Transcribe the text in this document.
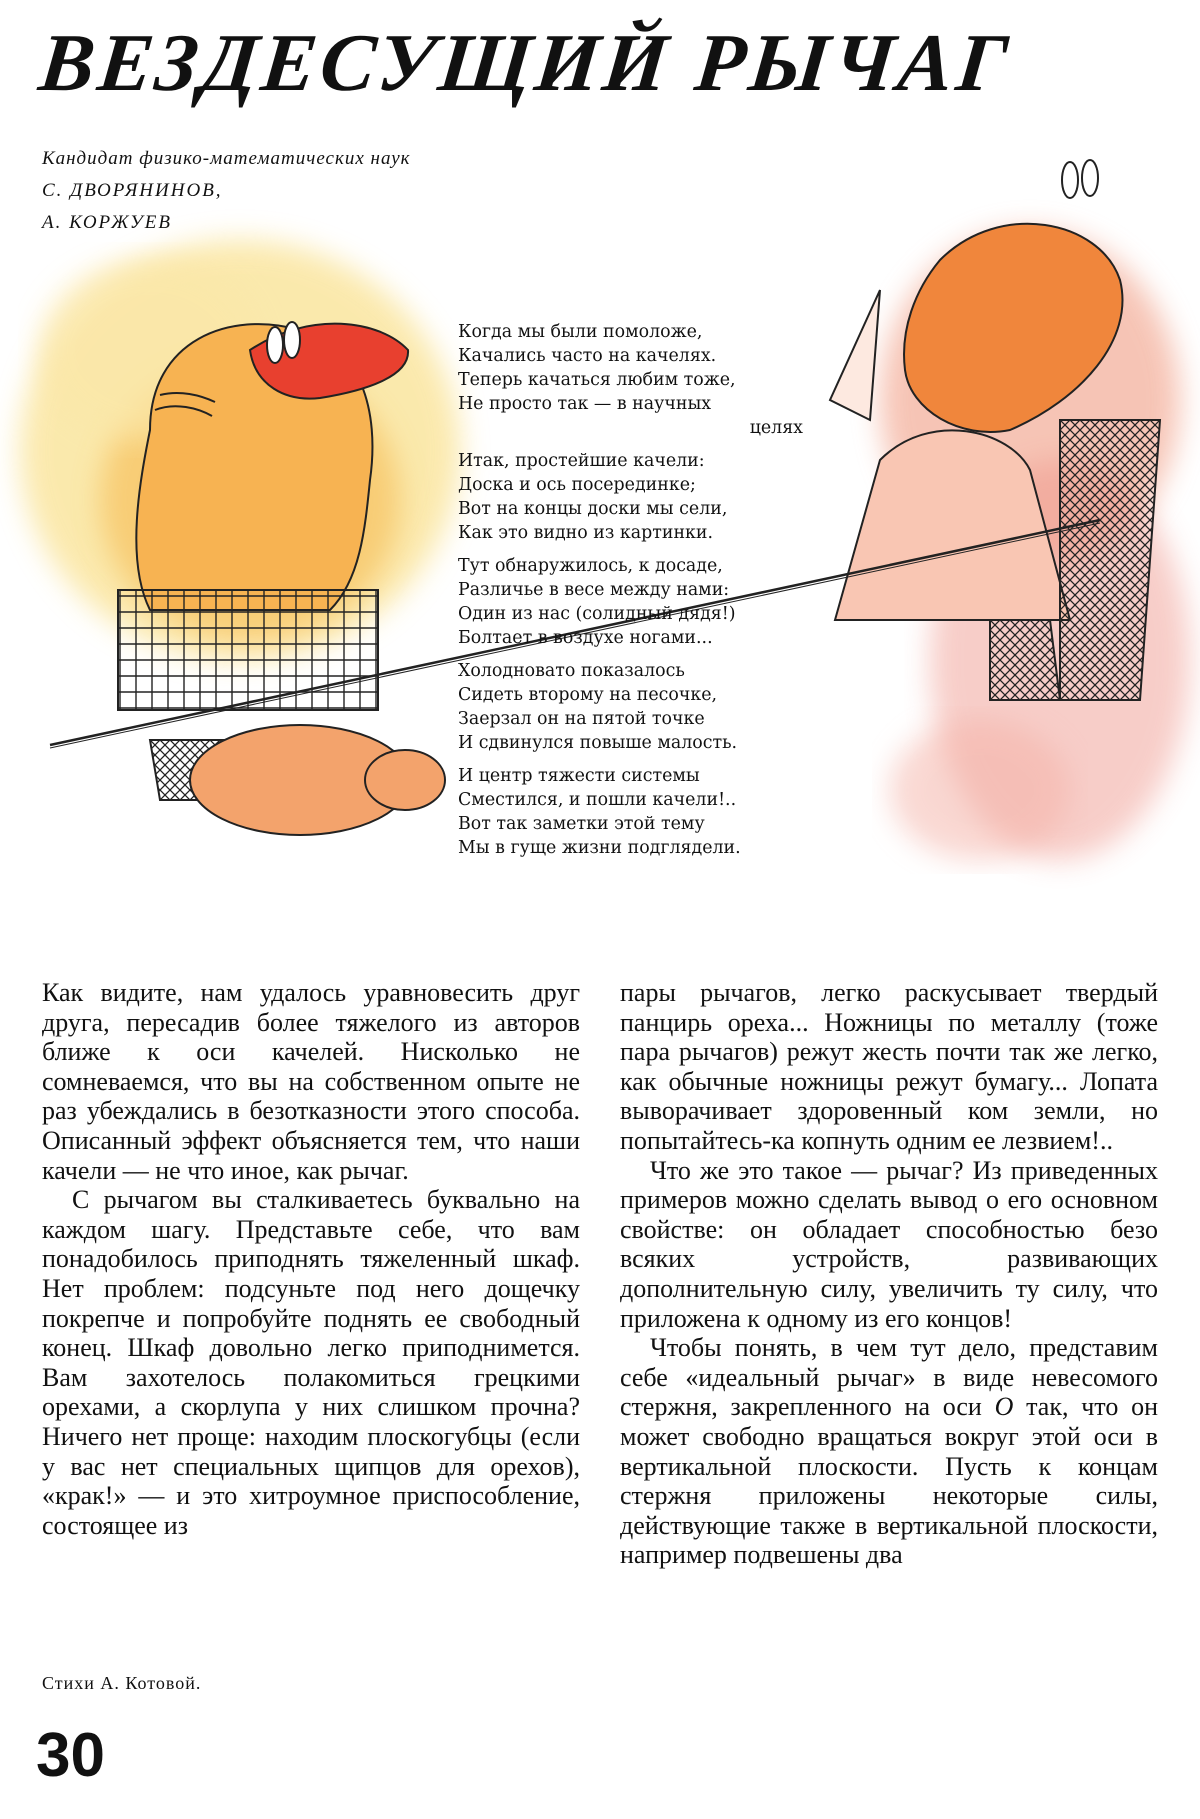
ВЕЗДЕСУЩИЙ РЫЧАГ
Кандидат физико-математических наук
С. ДВОРЯНИНОВ,
А. КОРЖУЕВ
Когда мы были помоложе,
Качались часто на качелях.
Теперь качаться любим тоже,
Не просто так — в научных
целях
Итак, простейшие качели:
Доска и ось посерединке;
Вот на концы доски мы сели,
Как это видно из картинки.
Тут обнаружилось, к досаде,
Различье в весе между нами:
Один из нас (солидный дядя!)
Болтает в воздухе ногами...
Холодновато показалось
Сидеть второму на песочке,
Заерзал он на пятой точке
И сдвинулся повыше малость.
И центр тяжести системы
Сместился, и пошли качели!..
Вот так заметки этой тему
Мы в гуще жизни подглядели.

Как видите, нам удалось уравновесить друг друга, пересадив более тяжелого из авторов ближе к оси качелей. Нисколько не сомневаемся, что вы на собственном опыте не раз убеждались в безотказности этого способа. Описанный эффект объясняется тем, что наши качели — не что иное, как рычаг.

С рычагом вы сталкиваетесь буквально на каждом шагу. Представьте себе, что вам понадобилось приподнять тяжеленный шкаф. Нет проблем: подсуньте под него дощечку покрепче и попробуйте поднять ее свободный конец. Шкаф довольно легко приподнимется. Вам захотелось полакомиться грецкими орехами, а скорлупа у них слишком прочна? Ничего нет проще: находим плоскогубцы (если у вас нет специальных щипцов для орехов), «крак!» — и это хитроумное приспособление, состоящее из

пары рычагов, легко раскусывает твердый панцирь ореха... Ножницы по металлу (тоже пара рычагов) режут жесть почти так же легко, как обычные ножницы режут бумагу... Лопата выворачивает здоровенный ком земли, но попытайтесь-ка копнуть одним ее лезвием!..

Что же это такое — рычаг? Из приведенных примеров можно сделать вывод о его основном свойстве: он обладает способностью безо всяких устройств, развивающих дополнительную силу, увеличить ту силу, что приложена к одному из его концов!

Чтобы понять, в чем тут дело, представим себе «идеальный рычаг» в виде невесомого стержня, закрепленного на оси О так, что он может свободно вращаться вокруг этой оси в вертикальной плоскости. Пусть к концам стержня приложены некоторые силы, действующие также в вертикальной плоскости, например подвешены два

Стихи А. Котовой.
30
